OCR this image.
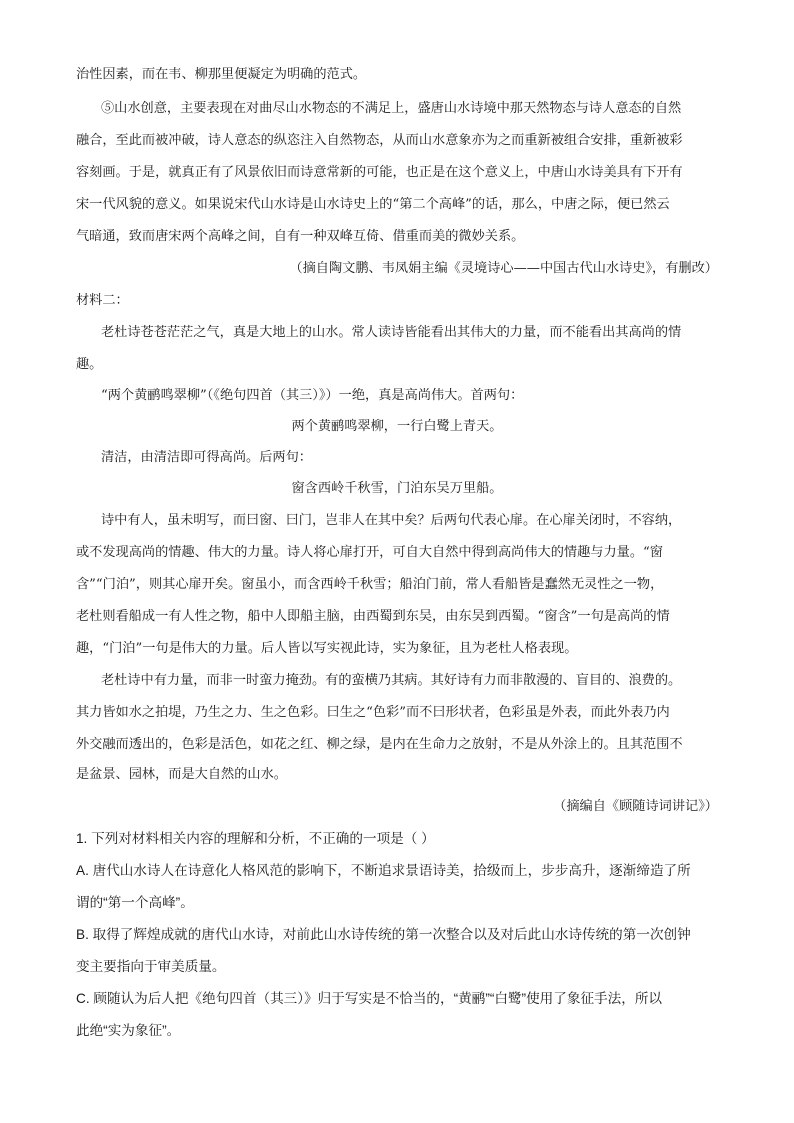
治性因素，而在韦、柳那里便凝定为明确的范式。
⑤山水创意，主要表现在对曲尽山水物态的不满足上，盛唐山水诗境中那天然物态与诗人意态的自然
融合，至此而被冲破，诗人意态的纵恣注入自然物态，从而山水意象亦为之而重新被组合安排，重新被彩
容刻画。于是，就真正有了风景依旧而诗意常新的可能，也正是在这个意义上，中唐山水诗美具有下开有
宋一代风貌的意义。如果说宋代山水诗是山水诗史上的“第二个高峰”的话，那么，中唐之际，便已然云
气暗通，致而唐宋两个高峰之间，自有一种双峰互倚、借重而美的微妙关系。
（摘自陶文鹏、韦凤娟主编《灵境诗心——中国古代山水诗史》，有删改）
材料二：
老杜诗苍苍茫茫之气，真是大地上的山水。常人读诗皆能看出其伟大的力量，而不能看出其高尚的情
趣。
“两个黄鹂鸣翠柳”（《绝句四首（其三）》）一绝，真是高尚伟大。首两句：
两个黄鹂鸣翠柳，一行白鹭上青天。
清洁，由清洁即可得高尚。后两句：
窗含西岭千秋雪，门泊东吴万里船。
诗中有人，虽未明写，而曰窗、曰门，岂非人在其中矣？后两句代表心扉。在心扉关闭时，不容纳，
或不发现高尚的情趣、伟大的力量。诗人将心扉打开，可自大自然中得到高尚伟大的情趣与力量。“窗
含”“门泊”，则其心扉开矣。窗虽小，而含西岭千秋雪；船泊门前，常人看船皆是蠢然无灵性之一物，
老杜则看船成一有人性之物，船中人即船主脑，由西蜀到东吴，由东吴到西蜀。“窗含”一句是高尚的情
趣，“门泊”一句是伟大的力量。后人皆以写实视此诗，实为象征，且为老杜人格表现。
老杜诗中有力量，而非一时蛮力掩劲。有的蛮横乃其病。其好诗有力而非散漫的、盲目的、浪费的。
其力皆如水之拍堤，乃生之力、生之色彩。曰生之“色彩”而不曰形状者，色彩虽是外表，而此外表乃内
外交融而透出的，色彩是活色，如花之红、柳之绿，是内在生命力之放射，不是从外涂上的。且其范围不
是盆景、园林，而是大自然的山水。
（摘编自《顾随诗词讲记》）
1. 下列对材料相关内容的理解和分析，不正确的一项是（ ）
A. 唐代山水诗人在诗意化人格风范的影响下，不断追求景语诗美，拾级而上，步步高升，逐渐缔造了所
谓的“第一个高峰”。
B. 取得了辉煌成就的唐代山水诗，对前此山水诗传统的第一次整合以及对后此山水诗传统的第一次创钟
变主要指向于审美质量。
C. 顾随认为后人把《绝句四首（其三）》归于写实是不恰当的，“黄鹂”“白鹭”使用了象征手法，所以
此绝“实为象征”。
